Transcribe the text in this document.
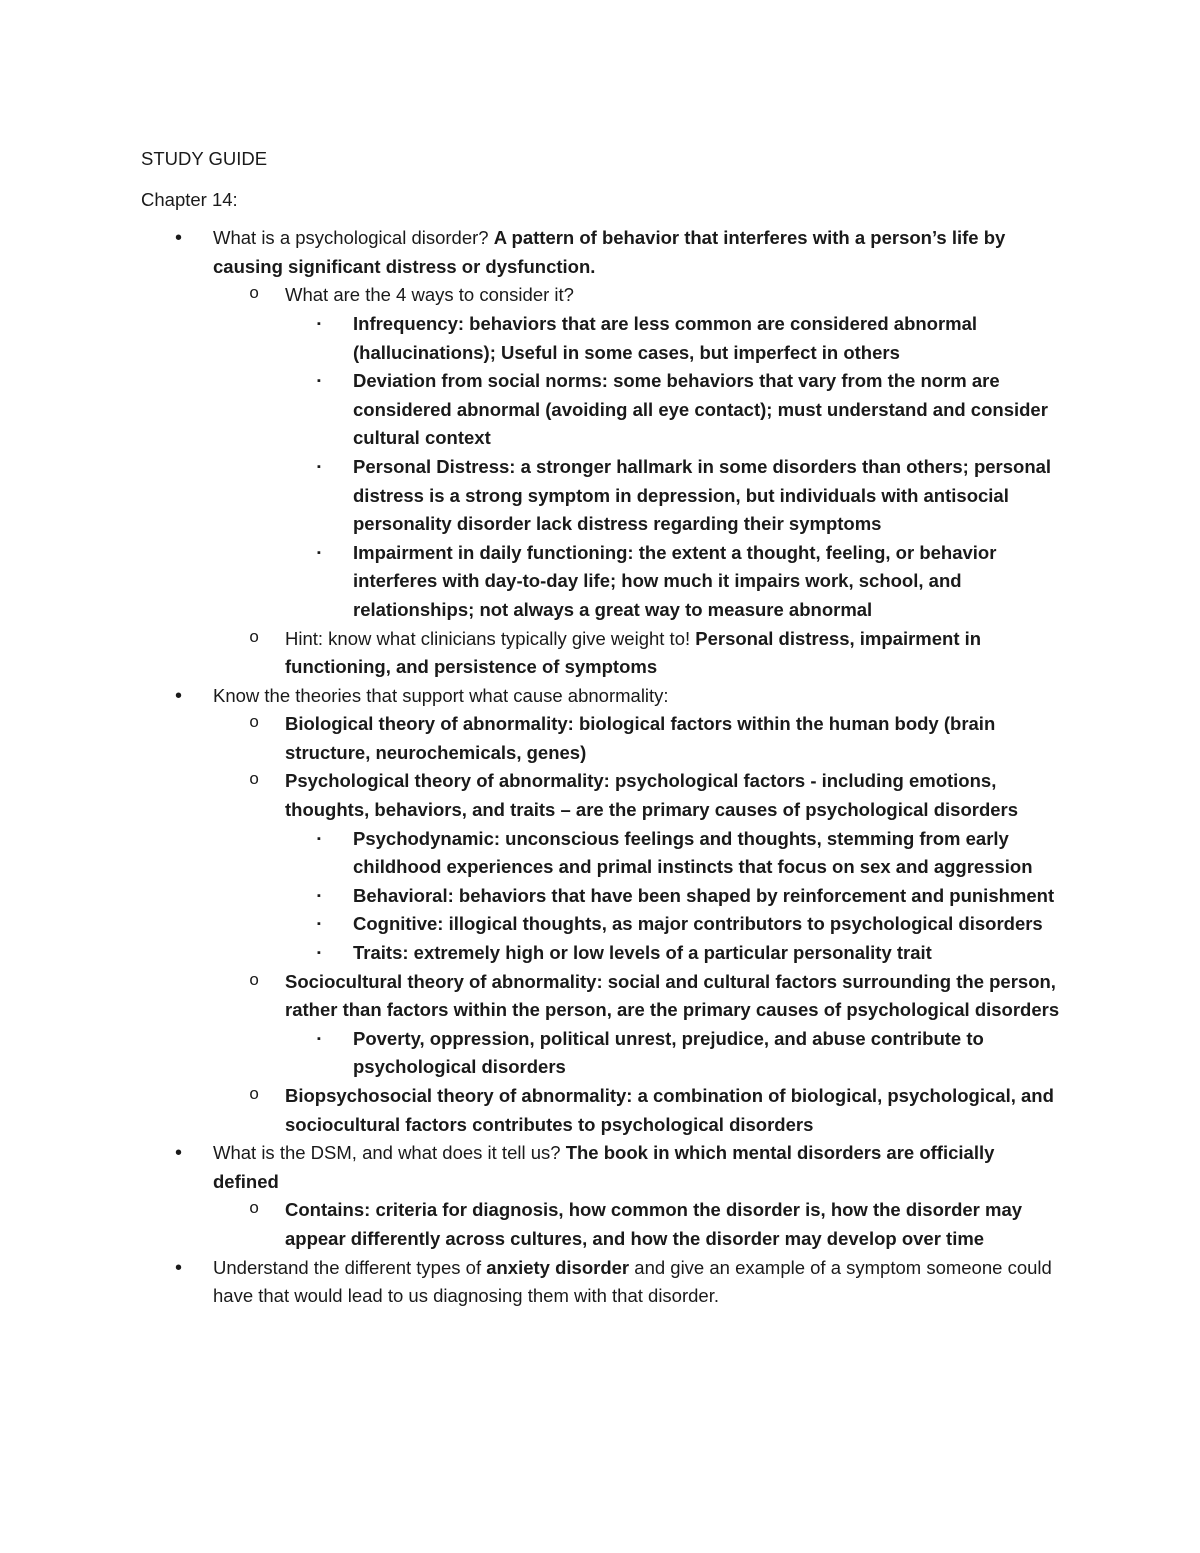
STUDY GUIDE
Chapter 14:
• What is a psychological disorder? A pattern of behavior that interferes with a person’s life by causing significant distress or dysfunction.
o What are the 4 ways to consider it?
▪ Infrequency: behaviors that are less common are considered abnormal (hallucinations); Useful in some cases, but imperfect in others
▪ Deviation from social norms: some behaviors that vary from the norm are considered abnormal (avoiding all eye contact); must understand and consider cultural context
▪ Personal Distress: a stronger hallmark in some disorders than others; personal distress is a strong symptom in depression, but individuals with antisocial personality disorder lack distress regarding their symptoms
▪ Impairment in daily functioning: the extent a thought, feeling, or behavior interferes with day-to-day life; how much it impairs work, school, and relationships; not always a great way to measure abnormal
o Hint: know what clinicians typically give weight to! Personal distress, impairment in functioning, and persistence of symptoms
• Know the theories that support what cause abnormality:
o Biological theory of abnormality: biological factors within the human body (brain structure, neurochemicals, genes)
o Psychological theory of abnormality: psychological factors - including emotions, thoughts, behaviors, and traits – are the primary causes of psychological disorders
▪ Psychodynamic: unconscious feelings and thoughts, stemming from early childhood experiences and primal instincts that focus on sex and aggression
▪ Behavioral: behaviors that have been shaped by reinforcement and punishment
▪ Cognitive: illogical thoughts, as major contributors to psychological disorders
▪ Traits: extremely high or low levels of a particular personality trait
o Sociocultural theory of abnormality: social and cultural factors surrounding the person, rather than factors within the person, are the primary causes of psychological disorders
▪ Poverty, oppression, political unrest, prejudice, and abuse contribute to psychological disorders
o Biopsychosocial theory of abnormality: a combination of biological, psychological, and sociocultural factors contributes to psychological disorders
• What is the DSM, and what does it tell us? The book in which mental disorders are officially defined
o Contains: criteria for diagnosis, how common the disorder is, how the disorder may appear differently across cultures, and how the disorder may develop over time
• Understand the different types of anxiety disorder and give an example of a symptom someone could have that would lead to us diagnosing them with that disorder.
